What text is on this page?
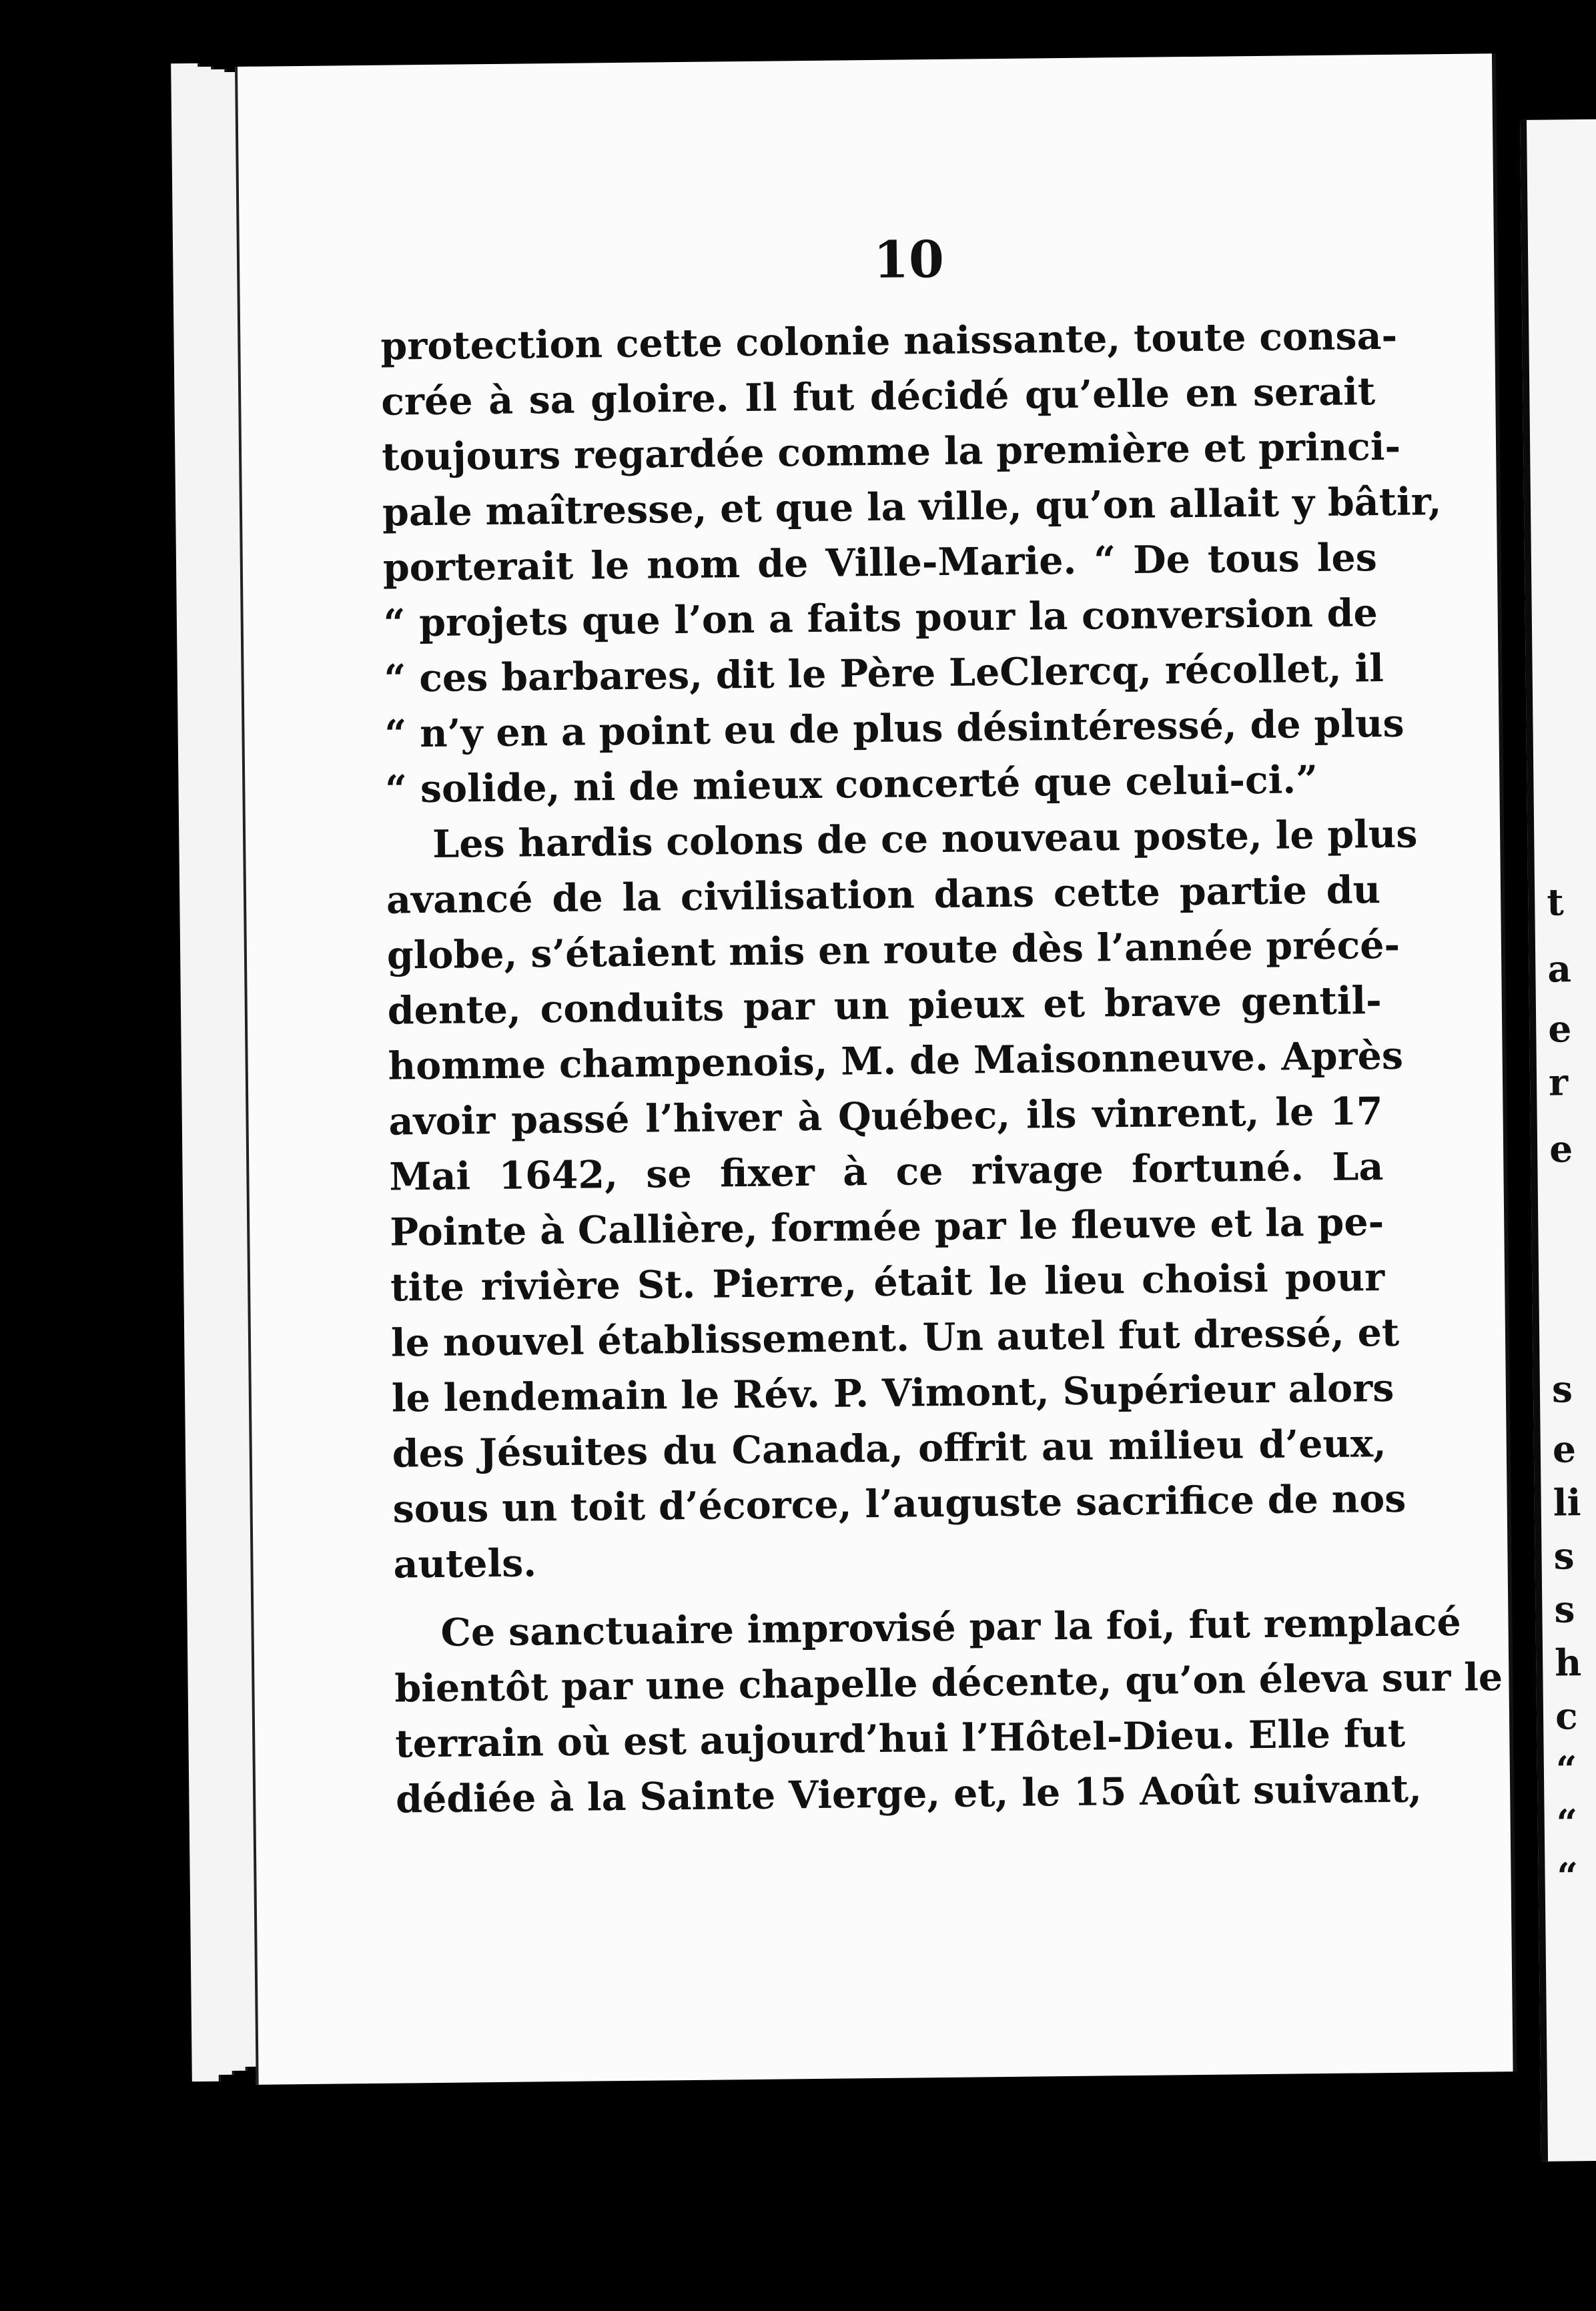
10
protection cette colonie naissante, toute consa-
crée à sa gloire. Il fut décidé qu’elle en serait
toujours regardée comme la première et princi-
pale maîtresse, et que la ville, qu’on allait y bâtir,
porterait le nom de Ville-Marie. “ De tous les
“ projets que l’on a faits pour la conversion de
“ ces barbares, dit le Père LeClercq, récollet, il
“ n’y en a point eu de plus désintéressé, de plus
“ solide, ni de mieux concerté que celui-ci.”
Les hardis colons de ce nouveau poste, le plus
avancé de la civilisation dans cette partie du
globe, s’étaient mis en route dès l’année précé-
dente, conduits par un pieux et brave gentil-
homme champenois, M. de Maisonneuve. Après
avoir passé l’hiver à Québec, ils vinrent, le 17
Mai 1642, se fixer à ce rivage fortuné. La
Pointe à Callière, formée par le fleuve et la pe-
tite rivière St. Pierre, était le lieu choisi pour
le nouvel établissement. Un autel fut dressé, et
le lendemain le Rév. P. Vimont, Supérieur alors
des Jésuites du Canada, offrit au milieu d’eux,
sous un toit d’écorce, l’auguste sacrifice de nos
autels.
Ce sanctuaire improvisé par la foi, fut remplacé
bientôt par une chapelle décente, qu’on éleva sur le
terrain où est aujourd’hui l’Hôtel-Dieu. Elle fut
dédiée à la Sainte Vierge, et, le 15 Août suivant,
t
a
e
r
e
s
e
li
s
s
h
c
“
“
“
